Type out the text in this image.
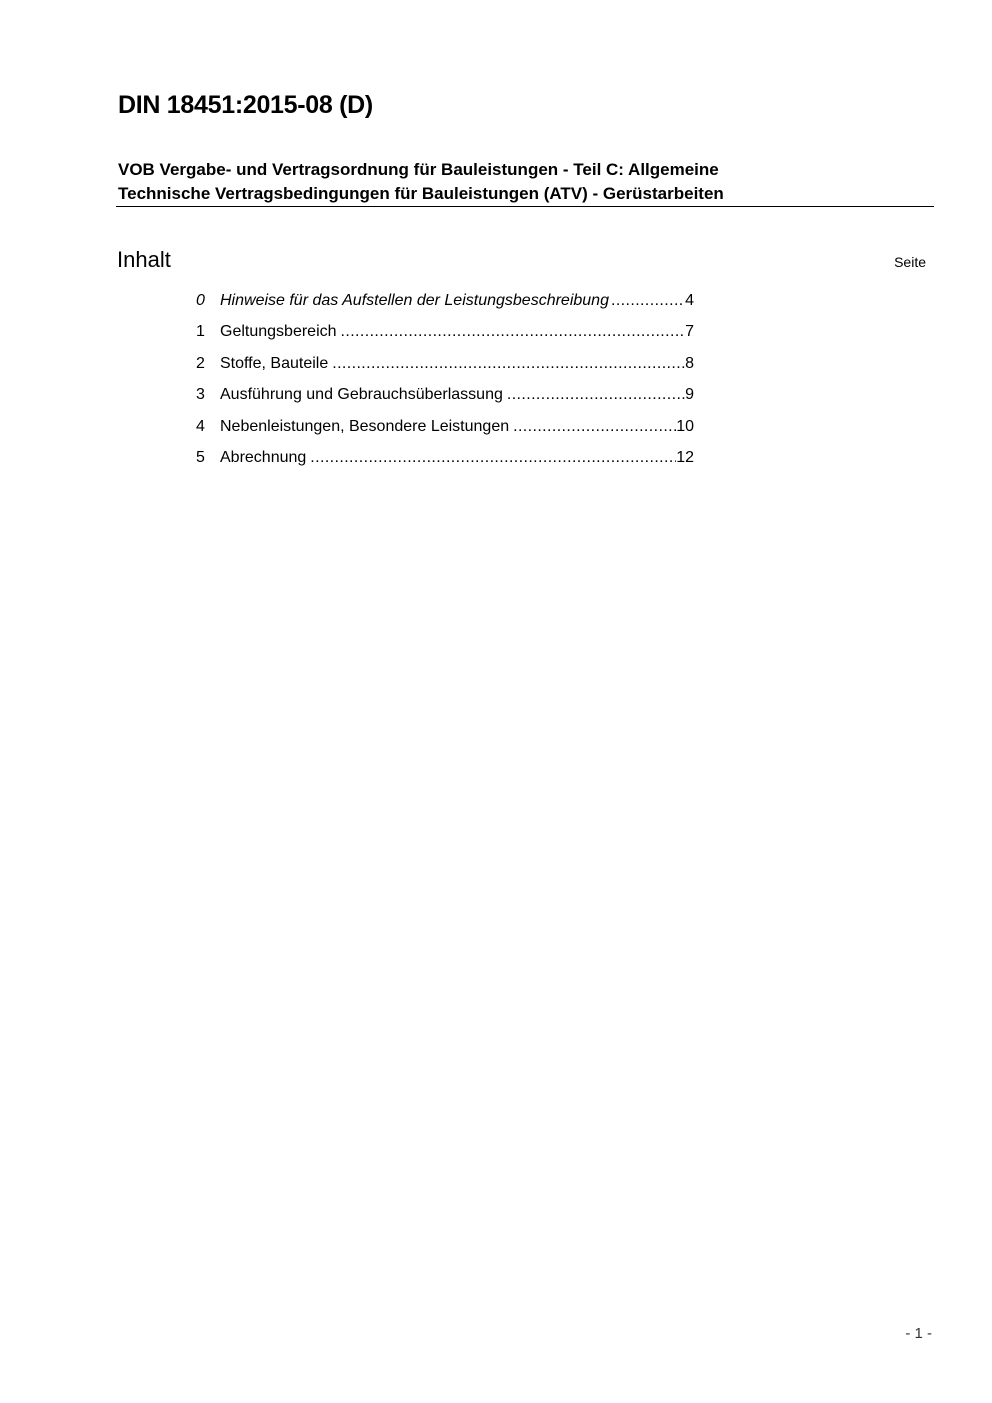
DIN 18451:2015-08 (D)
VOB Vergabe- und Vertragsordnung für Bauleistungen - Teil C: Allgemeine
Technische Vertragsbedingungen für Bauleistungen (ATV) - Gerüstarbeiten
Inhalt	Seite
0 Hinweise für das Aufstellen der Leistungsbeschreibung .....	4
1 Geltungsbereich .....	7
2 Stoffe, Bauteile .....	8
3 Ausführung und Gebrauchsüberlassung .....	9
4 Nebenleistungen, Besondere Leistungen .....	10
5 Abrechnung .....	12
- 1 -
